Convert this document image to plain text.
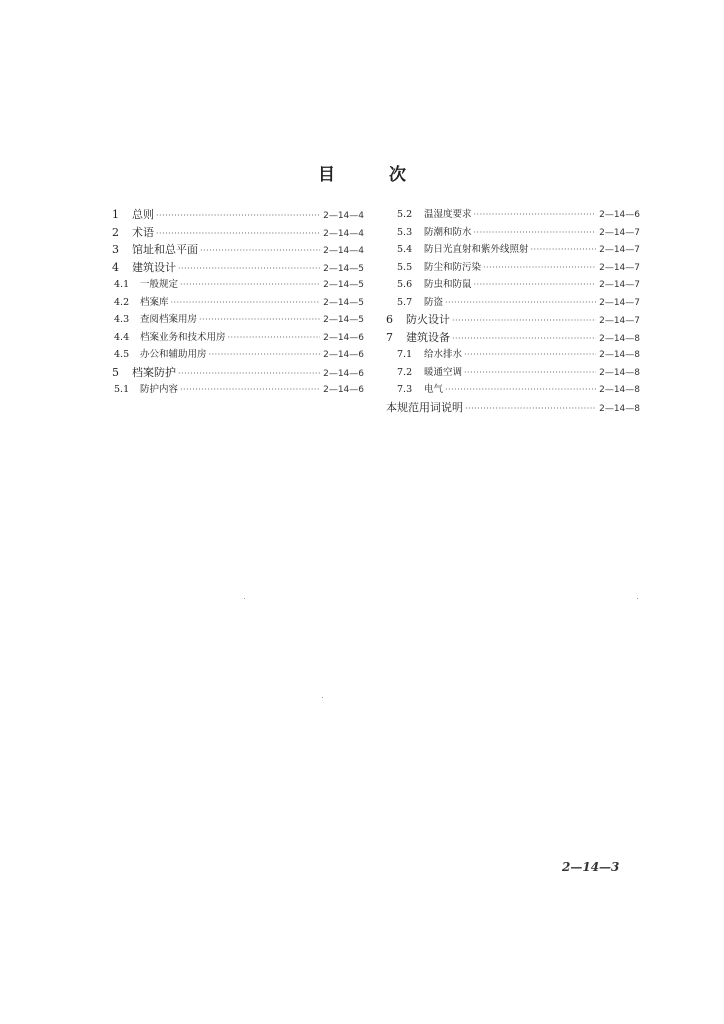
目	次
1	总则 ·····	2—14—4
2	术语 ·····	2—14—4
3	馆址和总平面 ·····	2—14—4
4	建筑设计 ·····	2—14—5
4.1	一般规定 ·····	2—14—5
4.2	档案库 ·····	2—14—5
4.3	查阅档案用房 ·····	2—14—5
4.4	档案业务和技术用房 ·····	2—14—6
4.5	办公和辅助用房 ·····	2—14—6
5	档案防护 ·····	2—14—6
5.1	防护内容 ·····	2—14—6
5.2	温湿度要求 ·····	2—14—6
5.3	防潮和防水 ·····	2—14—7
5.4	防日光直射和紫外线照射 ·····	2—14—7
5.5	防尘和防污染 ·····	2—14—7
5.6	防虫和防鼠 ·····	2—14—7
5.7	防盗 ·····	2—14—7
6	防火设计 ·····	2—14—7
7	建筑设备 ·····	2—14—8
7.1	给水排水 ·····	2—14—8
7.2	暖通空调 ·····	2—14—8
7.3	电气 ·····	2—14—8
本规范用词说明 ·····	2—14—8
2—14—3
